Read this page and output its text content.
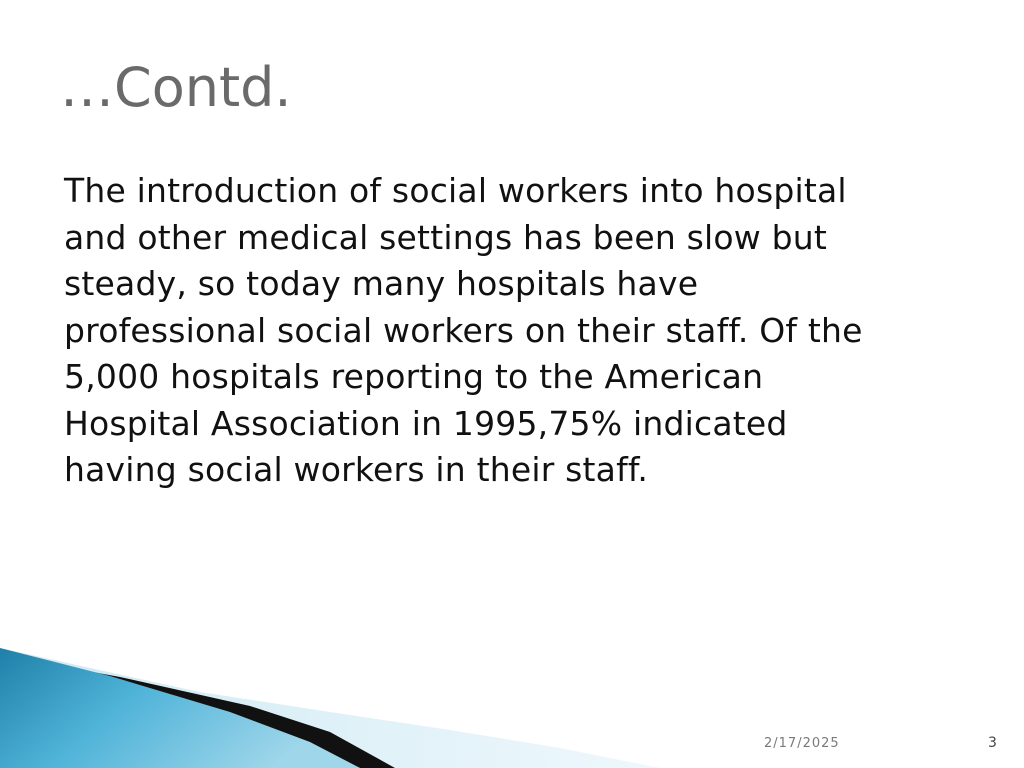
…Contd.

The introduction of social workers into hospital
and other medical settings has been slow but
steady, so today many hospitals have
professional social workers on their staff. Of the
5,000 hospitals reporting to the American
Hospital Association in 1995,75% indicated
having social workers in their staff.

2/17/2025	3
